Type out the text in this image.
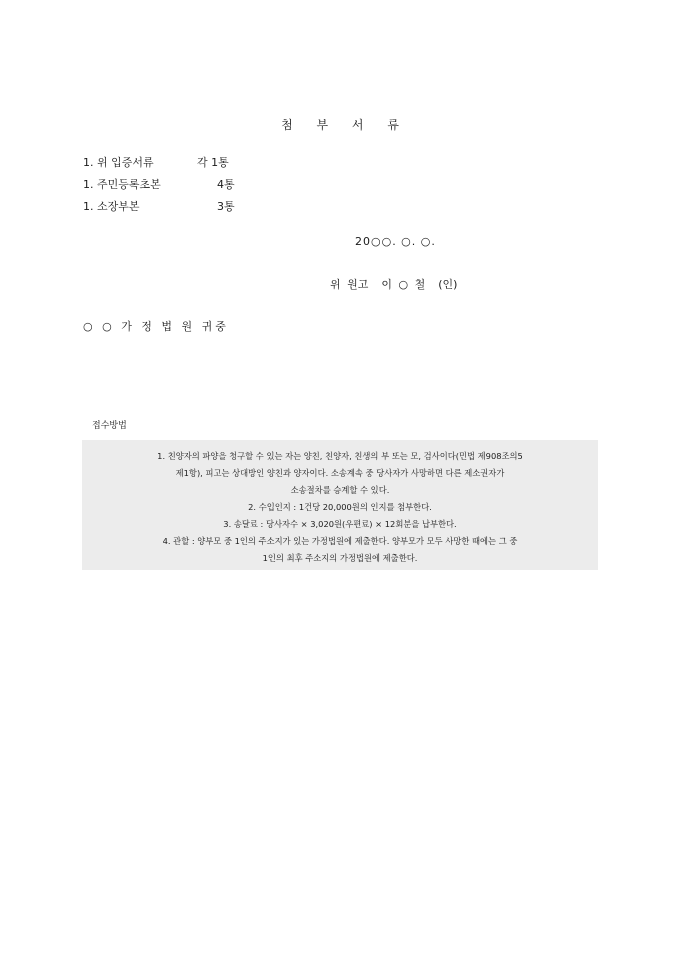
첨 부 서 류
1. 위 입증서류	각 1통
1. 주민등록초본	4통
1. 소장부본	3통
20○○. ○. ○.
위 원고  이 ○ 철  (인)
○ ○ 가 정 법 원 귀중
접수방법
1. 친양자의 파양을 청구할 수 있는 자는 양친, 친양자, 친생의 부 또는 모, 검사이다(민법 제908조의5
제1항), 피고는 상대방인 양친과 양자이다. 소송계속 중 당사자가 사망하면 다른 제소권자가
소송절차를 승계할 수 있다.
2. 수입인지 : 1건당 20,000원의 인지를 첨부한다.
3. 송달료 : 당사자수 × 3,020원(우편료) × 12회분을 납부한다.
4. 관할 : 양부모 중 1인의 주소지가 있는 가정법원에 제출한다. 양부모가 모두 사망한 때에는 그 중
1인의 최후 주소지의 가정법원에 제출한다.
